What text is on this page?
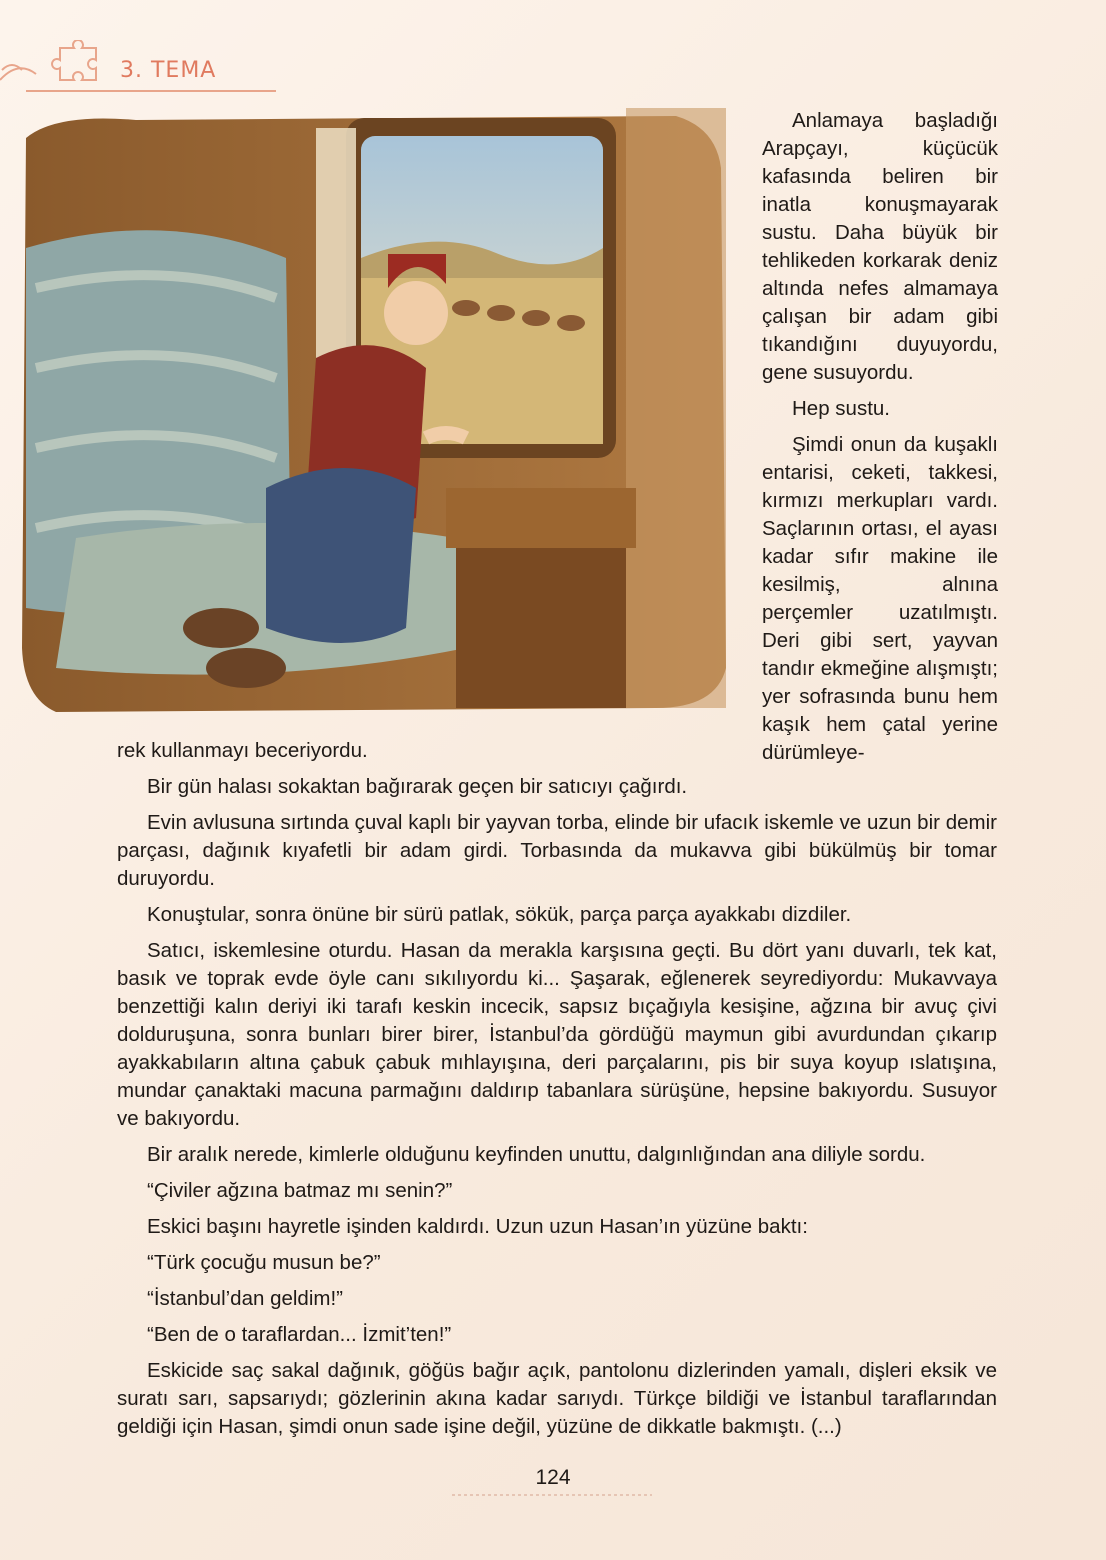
3. TEMA

Anlamaya başladığı Arapçayı, küçücük kafasında beliren bir inatla konuşmayarak sustu. Daha büyük bir tehlikeden korkarak deniz altında nefes almamaya çalışan bir adam gibi tıkandığını duyuyordu, gene susuyordu.

Hep sustu.

Şimdi onun da kuşaklı entarisi, ceketi, takkesi, kırmızı merkupları vardı. Saçlarının ortası, el ayası kadar sıfır makine ile kesilmiş, alnına perçemler uzatılmıştı. Deri gibi sert, yayvan tandır ekmeğine alışmıştı; yer sofrasında bunu hem kaşık hem çatal yerine dürümleye-

rek kullanmayı beceriyordu.

Bir gün halası sokaktan bağırarak geçen bir satıcıyı çağırdı.

Evin avlusuna sırtında çuval kaplı bir yayvan torba, elinde bir ufacık iskemle ve uzun bir demir parçası, dağınık kıyafetli bir adam girdi. Torbasında da mukavva gibi bükülmüş bir tomar duruyordu.

Konuştular, sonra önüne bir sürü patlak, sökük, parça parça ayakkabı dizdiler.

Satıcı, iskemlesine oturdu. Hasan da merakla karşısına geçti. Bu dört yanı duvarlı, tek kat, basık ve toprak evde öyle canı sıkılıyordu ki... Şaşarak, eğlenerek seyrediyordu: Mukavvaya benzettiği kalın deriyi iki tarafı keskin incecik, sapsız bıçağıyla kesişine, ağzına bir avuç çivi dolduruşuna, sonra bunları birer birer, İstanbul’da gördüğü maymun gibi avurdundan çıkarıp ayakkabıların altına çabuk çabuk mıhlayışına, deri parçalarını, pis bir suya koyup ıslatışına, mundar çanaktaki macuna parmağını daldırıp tabanlara sürüşüne, hepsine bakıyordu. Susuyor ve bakıyordu.

Bir aralık nerede, kimlerle olduğunu keyfinden unuttu, dalgınlığından ana diliyle sordu.

“Çiviler ağzına batmaz mı senin?”

Eskici başını hayretle işinden kaldırdı. Uzun uzun Hasan’ın yüzüne baktı:

“Türk çocuğu musun be?”

“İstanbul’dan geldim!”

“Ben de o taraflardan... İzmit’ten!”

Eskicide saç sakal dağınık, göğüs bağır açık, pantolonu dizlerinden yamalı, dişleri eksik ve suratı sarı, sapsarıydı; gözlerinin akına kadar sarıydı. Türkçe bildiği ve İstanbul taraflarından geldiği için Hasan, şimdi onun sade işine değil, yüzüne de dikkatle bakmıştı. (...)

124
